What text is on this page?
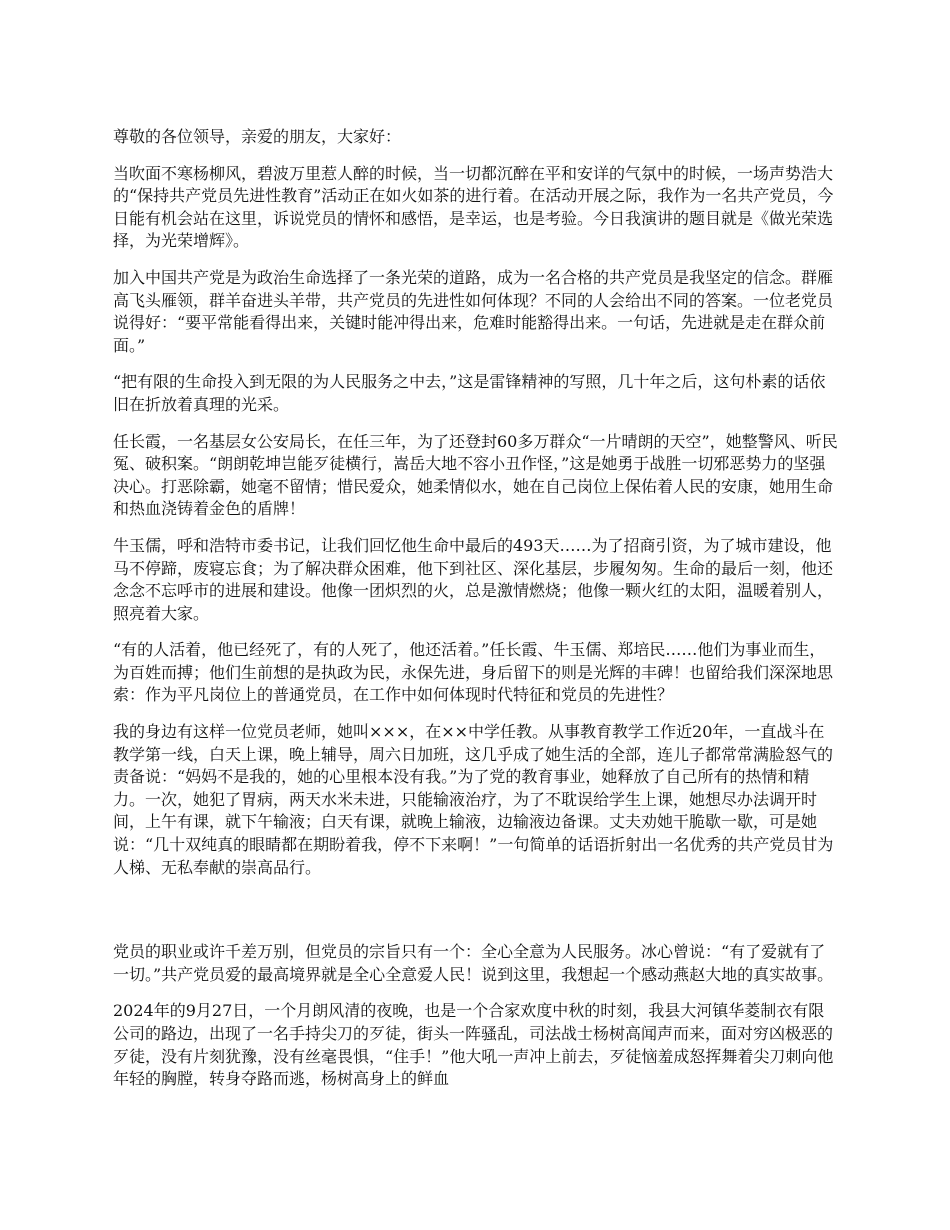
尊敬的各位领导，亲爱的朋友，大家好：

当吹面不寒杨柳风，碧波万里惹人醉的时候，当一切都沉醉在平和安详的气氛中的时候，一场声势浩大的“保持共产党员先进性教育”活动正在如火如茶的进行着。在活动开展之际，我作为一名共产党员，今日能有机会站在这里，诉说党员的情怀和感悟，是幸运，也是考验。今日我演讲的题目就是《做光荣选择，为光荣增辉》。

加入中国共产党是为政治生命选择了一条光荣的道路，成为一名合格的共产党员是我坚定的信念。群雁高飞头雁领，群羊奋进头羊带，共产党员的先进性如何体现？不同的人会给出不同的答案。一位老党员说得好：“要平常能看得出来，关键时能冲得出来，危难时能豁得出来。一句话，先进就是走在群众前面。”

“把有限的生命投入到无限的为人民服务之中去，”这是雷锋精神的写照，几十年之后，这句朴素的话依旧在折放着真理的光采。

任长霞，一名基层女公安局长，在任三年，为了还登封60多万群众“一片晴朗的天空”，她整警风、听民冤、破积案。“朗朗乾坤岂能歹徒横行，嵩岳大地不容小丑作怪，”这是她勇于战胜一切邪恶势力的坚强决心。打恶除霸，她毫不留情；惜民爱众，她柔情似水，她在自己岗位上保佑着人民的安康，她用生命和热血浇铸着金色的盾牌！

牛玉儒，呼和浩特市委书记，让我们回忆他生命中最后的493天……为了招商引资，为了城市建设，他马不停蹄，废寝忘食；为了解决群众困难，他下到社区、深化基层，步履匆匆。生命的最后一刻，他还念念不忘呼市的进展和建设。他像一团炽烈的火，总是激情燃烧；他像一颗火红的太阳，温暖着别人，照亮着大家。

“有的人活着，他已经死了，有的人死了，他还活着。”任长霞、牛玉儒、郑培民……他们为事业而生，为百姓而搏；他们生前想的是执政为民，永保先进，身后留下的则是光辉的丰碑！也留给我们深深地思索：作为平凡岗位上的普通党员，在工作中如何体现时代特征和党员的先进性？

我的身边有这样一位党员老师，她叫×××，在××中学任教。从事教育教学工作近20年，一直战斗在教学第一线，白天上课，晚上辅导，周六日加班，这几乎成了她生活的全部，连儿子都常常满脸怒气的责备说：“妈妈不是我的，她的心里根本没有我。”为了党的教育事业，她释放了自己所有的热情和精力。一次，她犯了胃病，两天水米未进，只能输液治疗，为了不耽误给学生上课，她想尽办法调开时间，上午有课，就下午输液；白天有课，就晚上输液，边输液边备课。丈夫劝她干脆歇一歇，可是她说：“几十双纯真的眼睛都在期盼着我，停不下来啊！”一句简单的话语折射出一名优秀的共产党员甘为人梯、无私奉献的崇高品行。

党员的职业或许千差万别，但党员的宗旨只有一个：全心全意为人民服务。冰心曾说：“有了爱就有了一切。”共产党员爱的最高境界就是全心全意爱人民！说到这里，我想起一个感动燕赵大地的真实故事。

2024年的9月27日，一个月朗风清的夜晚，也是一个合家欢度中秋的时刻，我县大河镇华菱制衣有限公司的路边，出现了一名手持尖刀的歹徒，街头一阵骚乱，司法战士杨树高闻声而来，面对穷凶极恶的歹徒，没有片刻犹豫，没有丝毫畏惧，“住手！”他大吼一声冲上前去，歹徒恼羞成怒挥舞着尖刀刺向他年轻的胸膛，转身夺路而逃，杨树高身上的鲜血
